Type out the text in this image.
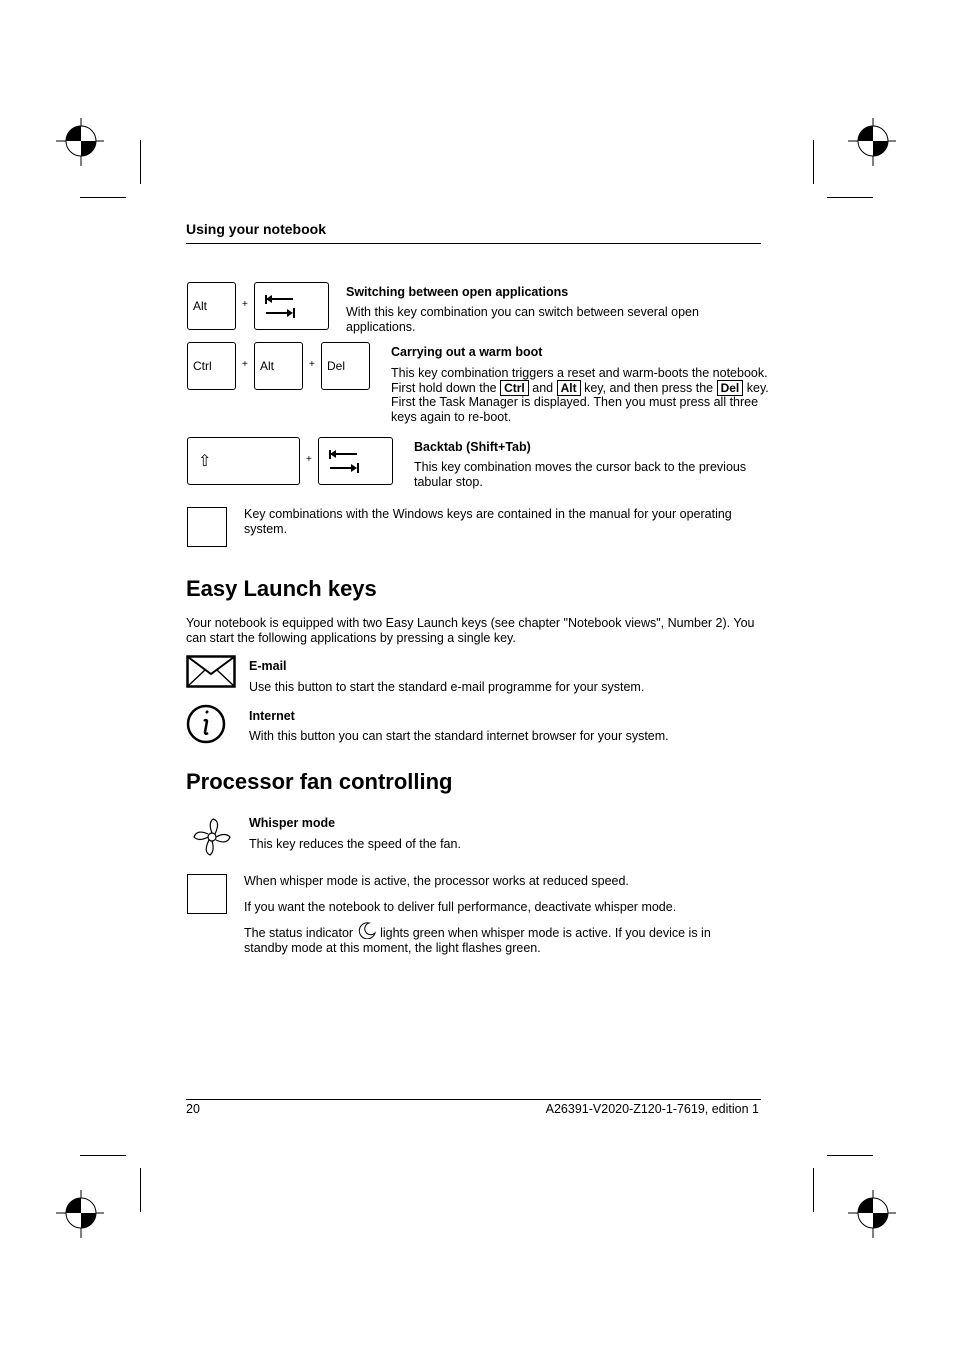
Using your notebook
Alt	+
Switching between open applications
With this key combination you can switch between several open applications.
Ctrl	+ Alt	+ Del
Carrying out a warm boot
This key combination triggers a reset and warm-boots the notebook. First hold down the Ctrl and Alt key, and then press the Del key. First the Task Manager is displayed. Then you must press all three keys again to re-boot.
⇧	+
Backtab (Shift+Tab)
This key combination moves the cursor back to the previous tabular stop.
Key combinations with the Windows keys are contained in the manual for your operating system.
Easy Launch keys
Your notebook is equipped with two Easy Launch keys (see chapter "Notebook views", Number 2). You can start the following applications by pressing a single key.
E-mail
Use this button to start the standard e-mail programme for your system.
Internet
With this button you can start the standard internet browser for your system.
Processor fan controlling
Whisper mode
This key reduces the speed of the fan.
When whisper mode is active, the processor works at reduced speed.
If you want the notebook to deliver full performance, deactivate whisper mode.
The status indicator lights green when whisper mode is active. If you device is in standby mode at this moment, the light flashes green.
20	A26391-V2020-Z120-1-7619, edition 1
